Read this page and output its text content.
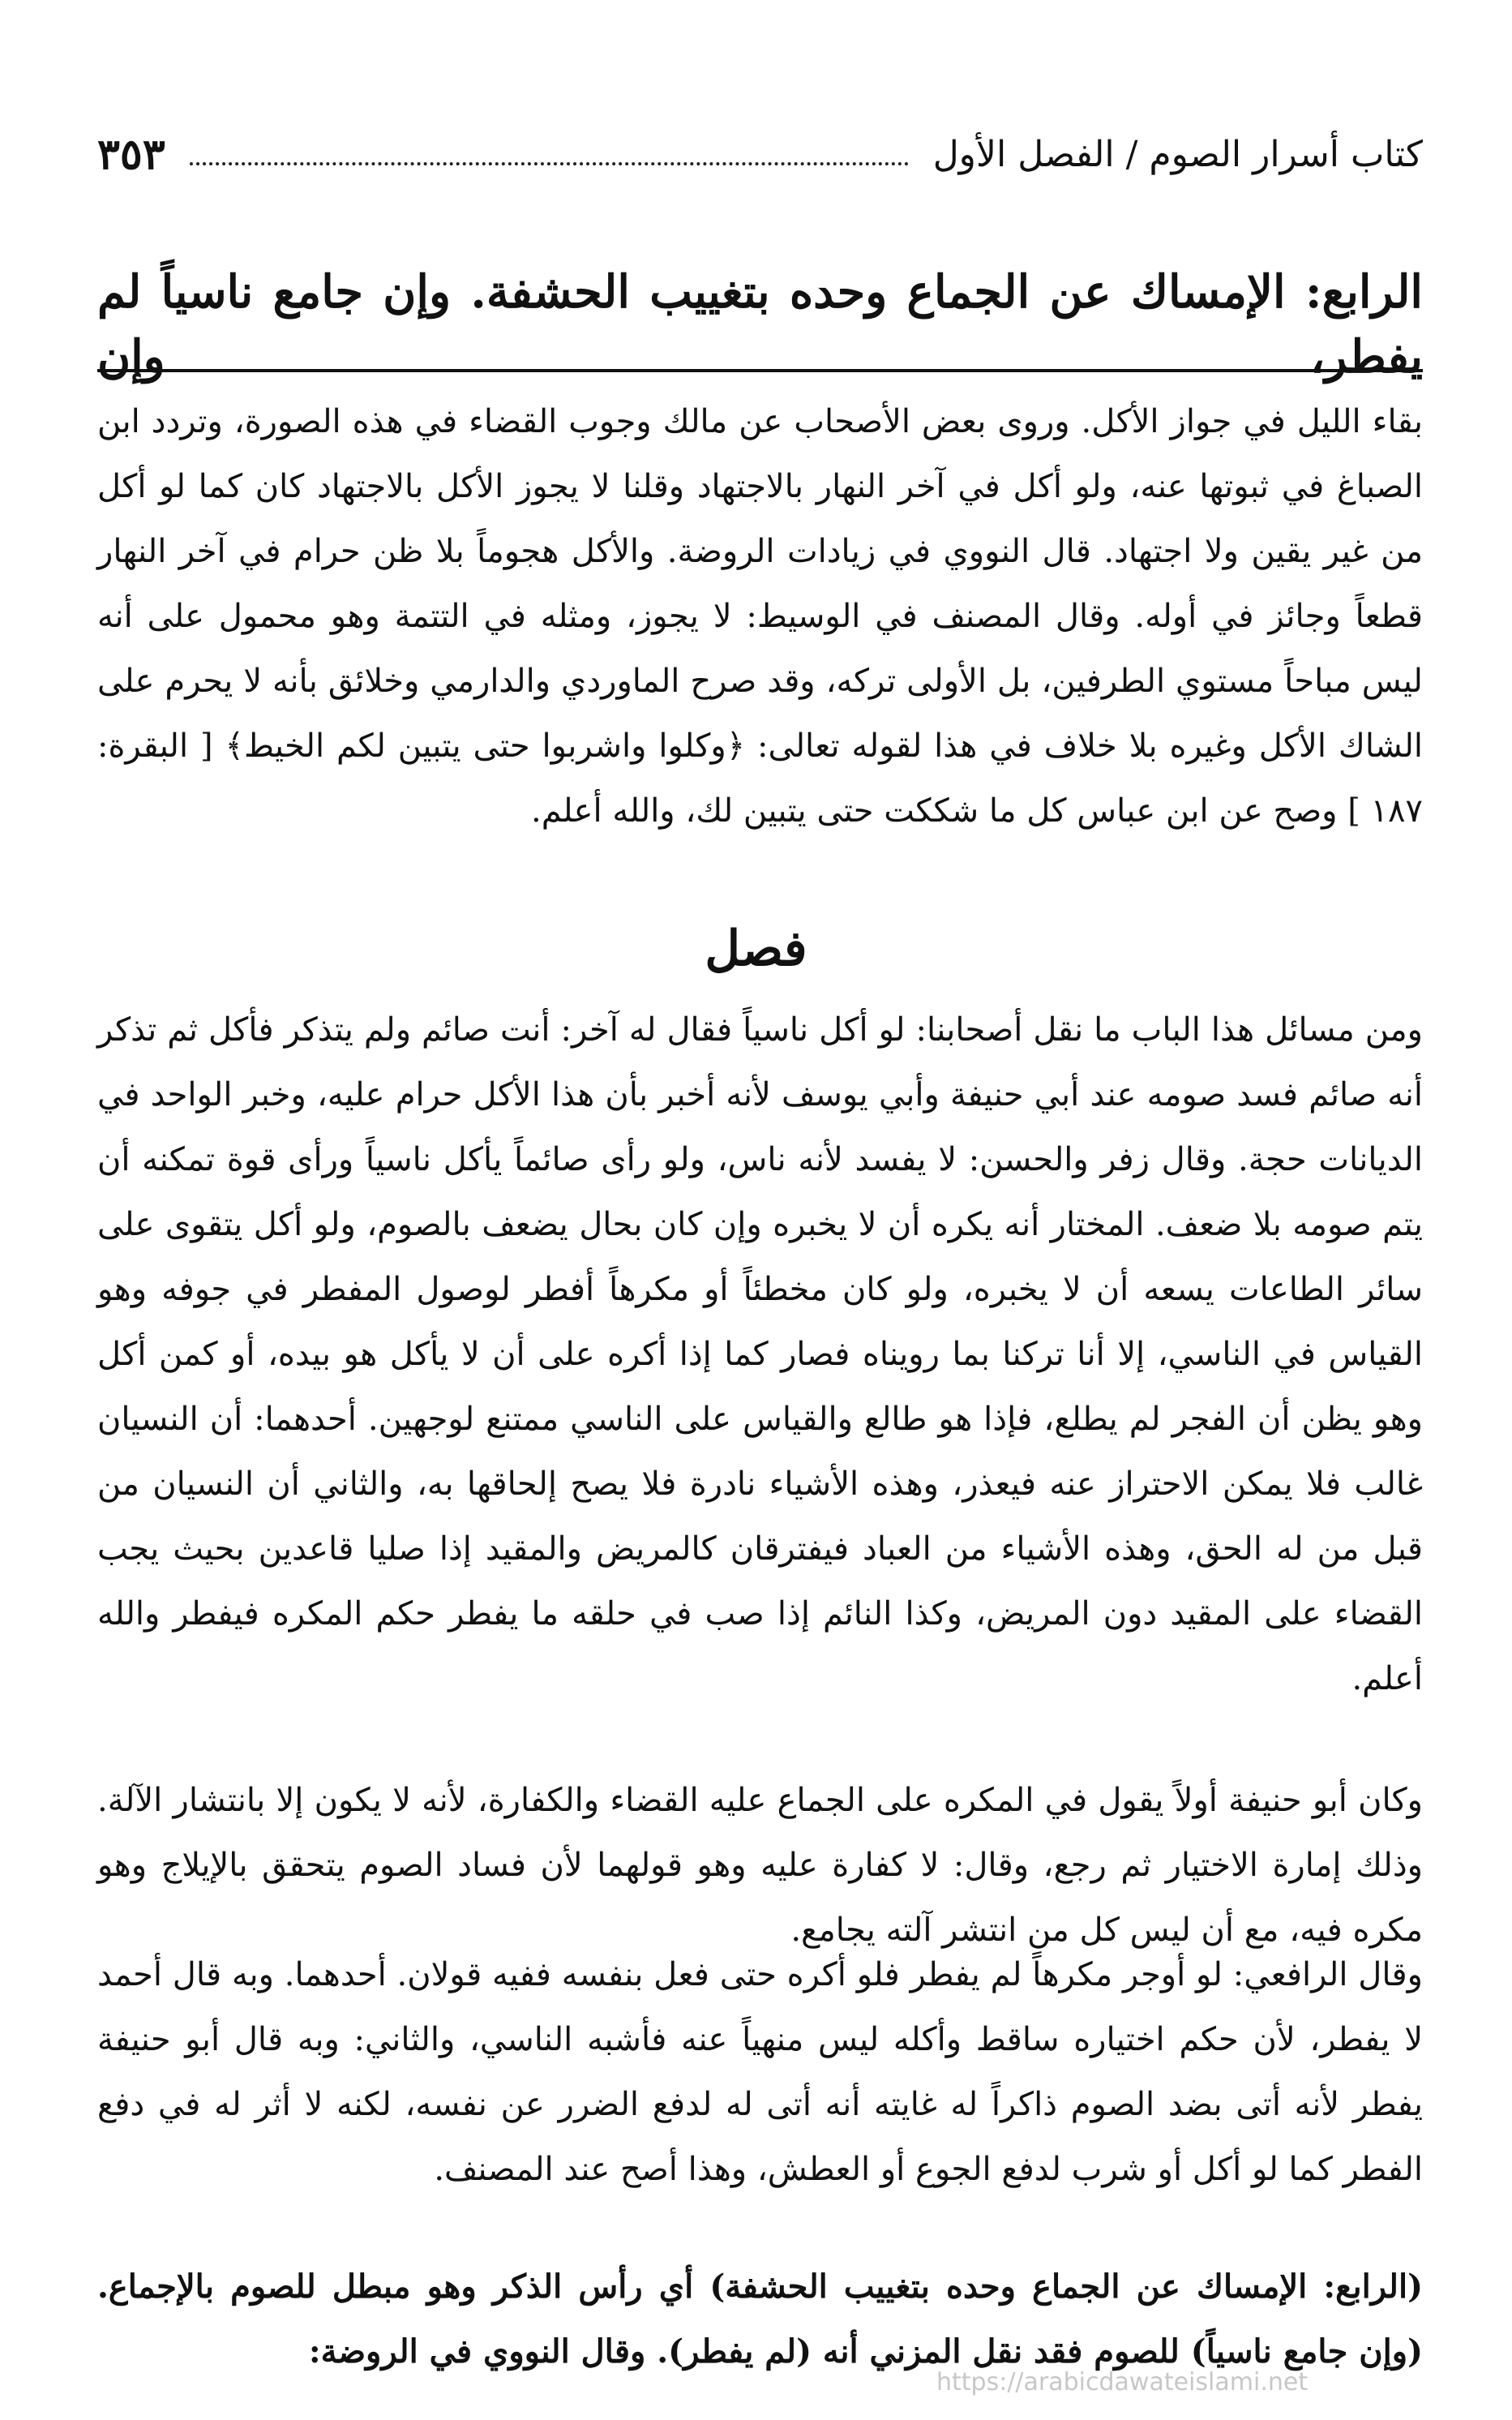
كتاب أسرار الصوم / الفصل الأول
٣٥٣
الرابع: الإمساك عن الجماع وحده بتغييب الحشفة. وإن جامع ناسياً لم يفطر، وإن
بقاء الليل في جواز الأكل. وروى بعض الأصحاب عن مالك وجوب القضاء في هذه الصورة، وتردد ابن الصباغ في ثبوتها عنه، ولو أكل في آخر النهار بالاجتهاد وقلنا لا يجوز الأكل بالاجتهاد كان كما لو أكل من غير يقين ولا اجتهاد. قال النووي في زيادات الروضة. والأكل هجوماً بلا ظن حرام في آخر النهار قطعاً وجائز في أوله. وقال المصنف في الوسيط: لا يجوز، ومثله في التتمة وهو محمول على أنه ليس مباحاً مستوي الطرفين، بل الأولى تركه، وقد صرح الماوردي والدارمي وخلائق بأنه لا يحرم على الشاك الأكل وغيره بلا خلاف في هذا لقوله تعالى: ﴿وكلوا واشربوا حتى يتبين لكم الخيط﴾ [ البقرة: ١٨٧ ] وصح عن ابن عباس كل ما شككت حتى يتبين لك، والله أعلم.
فصل
ومن مسائل هذا الباب ما نقل أصحابنا: لو أكل ناسياً فقال له آخر: أنت صائم ولم يتذكر فأكل ثم تذكر أنه صائم فسد صومه عند أبي حنيفة وأبي يوسف لأنه أخبر بأن هذا الأكل حرام عليه، وخبر الواحد في الديانات حجة. وقال زفر والحسن: لا يفسد لأنه ناس، ولو رأى صائماً يأكل ناسياً ورأى قوة تمكنه أن يتم صومه بلا ضعف. المختار أنه يكره أن لا يخبره وإن كان بحال يضعف بالصوم، ولو أكل يتقوى على سائر الطاعات يسعه أن لا يخبره، ولو كان مخطئاً أو مكرهاً أفطر لوصول المفطر في جوفه وهو القياس في الناسي، إلا أنا تركنا بما رويناه فصار كما إذا أكره على أن لا يأكل هو بيده، أو كمن أكل وهو يظن أن الفجر لم يطلع، فإذا هو طالع والقياس على الناسي ممتنع لوجهين. أحدهما: أن النسيان غالب فلا يمكن الاحتراز عنه فيعذر، وهذه الأشياء نادرة فلا يصح إلحاقها به، والثاني أن النسيان من قبل من له الحق، وهذه الأشياء من العباد فيفترقان كالمريض والمقيد إذا صليا قاعدين بحيث يجب القضاء على المقيد دون المريض، وكذا النائم إذا صب في حلقه ما يفطر حكم المكره فيفطر والله أعلم.
وكان أبو حنيفة أولاً يقول في المكره على الجماع عليه القضاء والكفارة، لأنه لا يكون إلا بانتشار الآلة. وذلك إمارة الاختيار ثم رجع، وقال: لا كفارة عليه وهو قولهما لأن فساد الصوم يتحقق بالإيلاج وهو مكره فيه، مع أن ليس كل من انتشر آلته يجامع.
وقال الرافعي: لو أوجر مكرهاً لم يفطر فلو أكره حتى فعل بنفسه ففيه قولان. أحدهما. وبه قال أحمد لا يفطر، لأن حكم اختياره ساقط وأكله ليس منهياً عنه فأشبه الناسي، والثاني: وبه قال أبو حنيفة يفطر لأنه أتى بضد الصوم ذاكراً له غايته أنه أتى له لدفع الضرر عن نفسه، لكنه لا أثر له في دفع الفطر كما لو أكل أو شرب لدفع الجوع أو العطش، وهذا أصح عند المصنف.
(الرابع: الإمساك عن الجماع وحده بتغييب الحشفة) أي رأس الذكر وهو مبطل للصوم بالإجماع. (وإن جامع ناسياً) للصوم فقد نقل المزني أنه (لم يفطر). وقال النووي في الروضة:
https://arabicdawateislami.net
